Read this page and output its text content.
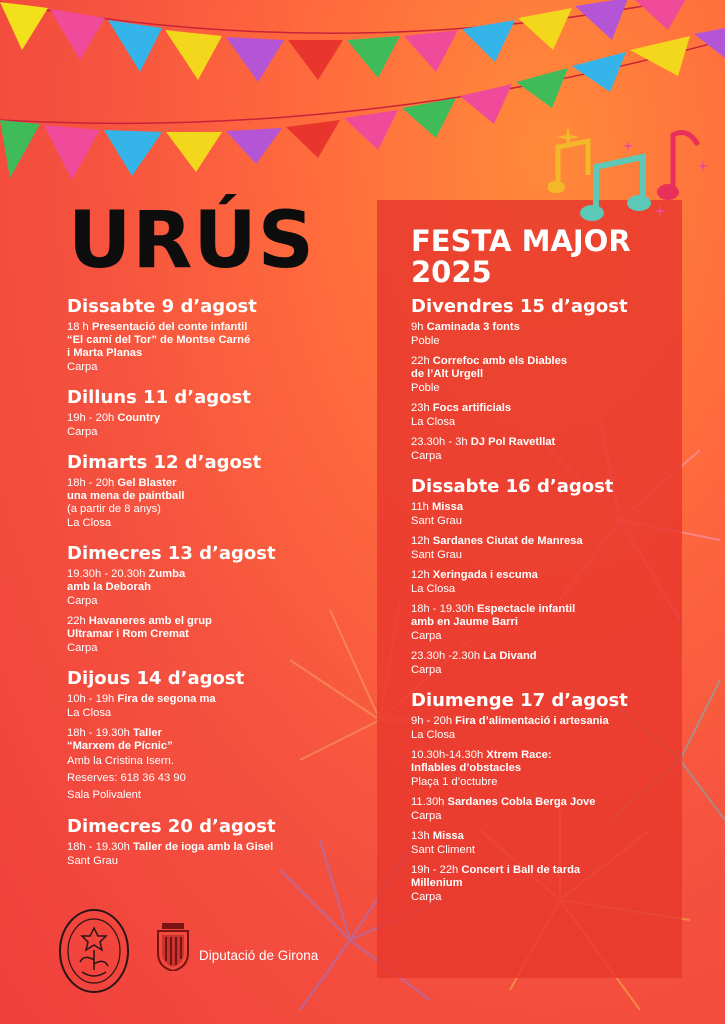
URÚS	FESTA MAJOR
2025
Dissabte 9 d’agost
18 h Presentació del conte infantil
“El camí del Tor” de Montse Carné
i Marta Planas
Carpa
Dilluns 11 d’agost
19h - 20h Country
Carpa
Dimarts 12 d’agost
18h - 20h Gel Blaster
una mena de paintball
(a partir de 8 anys)
La Closa
Dimecres 13 d’agost
19.30h - 20.30h Zumba
amb la Deborah
Carpa
22h Havaneres amb el grup
Ultramar i Rom Cremat
Carpa
Dijous 14 d’agost
10h - 19h Fira de segona ma
La Closa
18h - 19.30h Taller
“Marxem de Pícnic”
Amb la Cristina Isern.
Reserves: 618 36 43 90
Sala Polivalent
Dimecres 20 d’agost
18h - 19.30h Taller de ioga amb la Gisel
Sant Grau
Divendres 15 d’agost
9h Caminada 3 fonts
Poble
22h Correfoc amb els Diables
de l’Alt Urgell
Poble
23h Focs artificials
La Closa
23.30h - 3h DJ Pol Ravetllat
Carpa
Dissabte 16 d’agost
11h Missa
Sant Grau
12h Sardanes Ciutat de Manresa
Sant Grau
12h Xeringada i escuma
La Closa
18h - 19.30h Espectacle infantil
amb en Jaume Barri
Carpa
23.30h -2.30h La Divand
Carpa
Diumenge 17 d’agost
9h - 20h Fira d’alimentació i artesania
La Closa
10.30h-14.30h Xtrem Race:
Inflables d’obstacles
Plaça 1 d’octubre
11.30h Sardanes Cobla Berga Jove
Carpa
13h Missa
Sant Climent
19h - 22h Concert i Ball de tarda
Millenium
Carpa
Diputació de Girona
